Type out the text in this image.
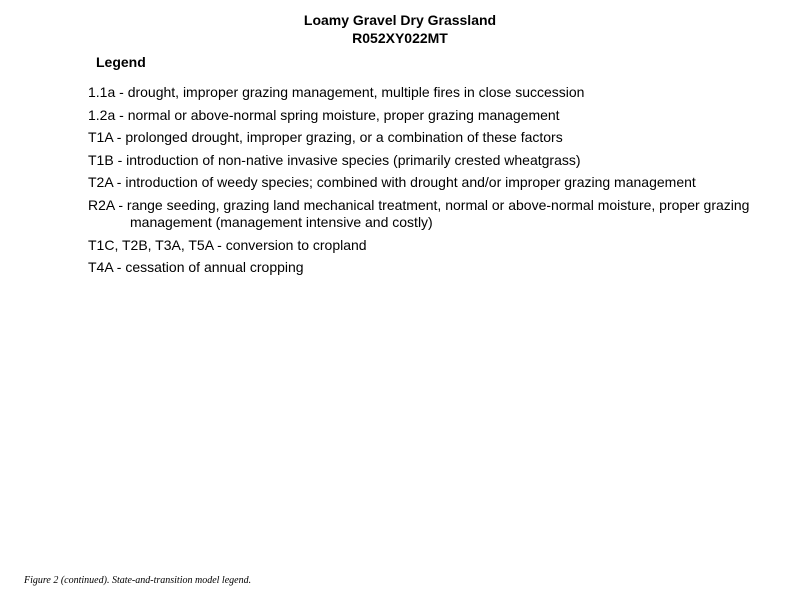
Loamy Gravel Dry Grassland
R052XY022MT
Legend
1.1a - drought, improper grazing management, multiple fires in close succession
1.2a - normal or above-normal spring moisture, proper grazing management
T1A - prolonged drought, improper grazing, or a combination of these factors
T1B - introduction of non-native invasive species (primarily crested wheatgrass)
T2A - introduction of weedy species; combined with drought and/or improper grazing management
R2A - range seeding, grazing land mechanical treatment, normal or above-normal moisture, proper grazing management (management intensive and costly)
T1C, T2B, T3A, T5A - conversion to cropland
T4A - cessation of annual cropping
Figure 2 (continued). State-and-transition model legend.
